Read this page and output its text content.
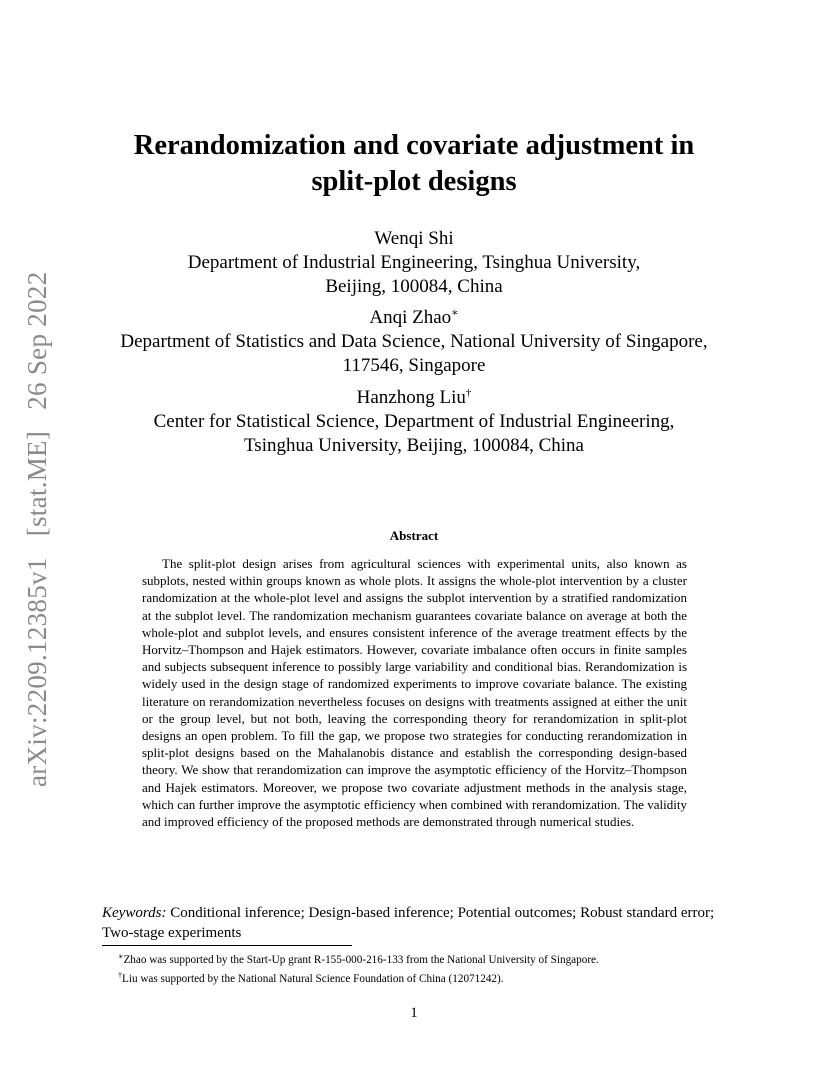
arXiv:2209.12385v1 [stat.ME] 26 Sep 2022
Rerandomization and covariate adjustment in
split-plot designs
Wenqi Shi
Department of Industrial Engineering, Tsinghua University,
Beijing, 100084, China
Anqi Zhao∗
Department of Statistics and Data Science, National University of Singapore,
117546, Singapore
Hanzhong Liu†
Center for Statistical Science, Department of Industrial Engineering,
Tsinghua University, Beijing, 100084, China
Abstract
The split-plot design arises from agricultural sciences with experimental units, also known as subplots, nested within groups known as whole plots. It assigns the whole-plot intervention by a cluster randomization at the whole-plot level and assigns the subplot intervention by a stratified randomization at the subplot level. The randomization mechanism guarantees covariate balance on average at both the whole-plot and subplot levels, and ensures consistent inference of the average treatment effects by the Horvitz–Thompson and Hajek estimators. However, covariate imbalance often occurs in finite samples and subjects subsequent inference to possibly large variability and conditional bias. Rerandomization is widely used in the design stage of randomized experiments to improve covariate balance. The existing literature on rerandomization nevertheless focuses on designs with treatments assigned at either the unit or the group level, but not both, leaving the corresponding theory for rerandomization in split-plot designs an open problem. To fill the gap, we propose two strategies for conducting rerandomization in split-plot designs based on the Mahalanobis distance and establish the corresponding design-based theory. We show that rerandomization can improve the asymptotic efficiency of the Horvitz–Thompson and Hajek estimators. Moreover, we propose two covariate adjustment methods in the analysis stage, which can further improve the asymptotic efficiency when combined with rerandomization. The validity and improved efficiency of the proposed methods are demonstrated through numerical studies.
Keywords: Conditional inference; Design-based inference; Potential outcomes; Robust standard error; Two-stage experiments
∗Zhao was supported by the Start-Up grant R-155-000-216-133 from the National University of Singapore.
†Liu was supported by the National Natural Science Foundation of China (12071242).
1
